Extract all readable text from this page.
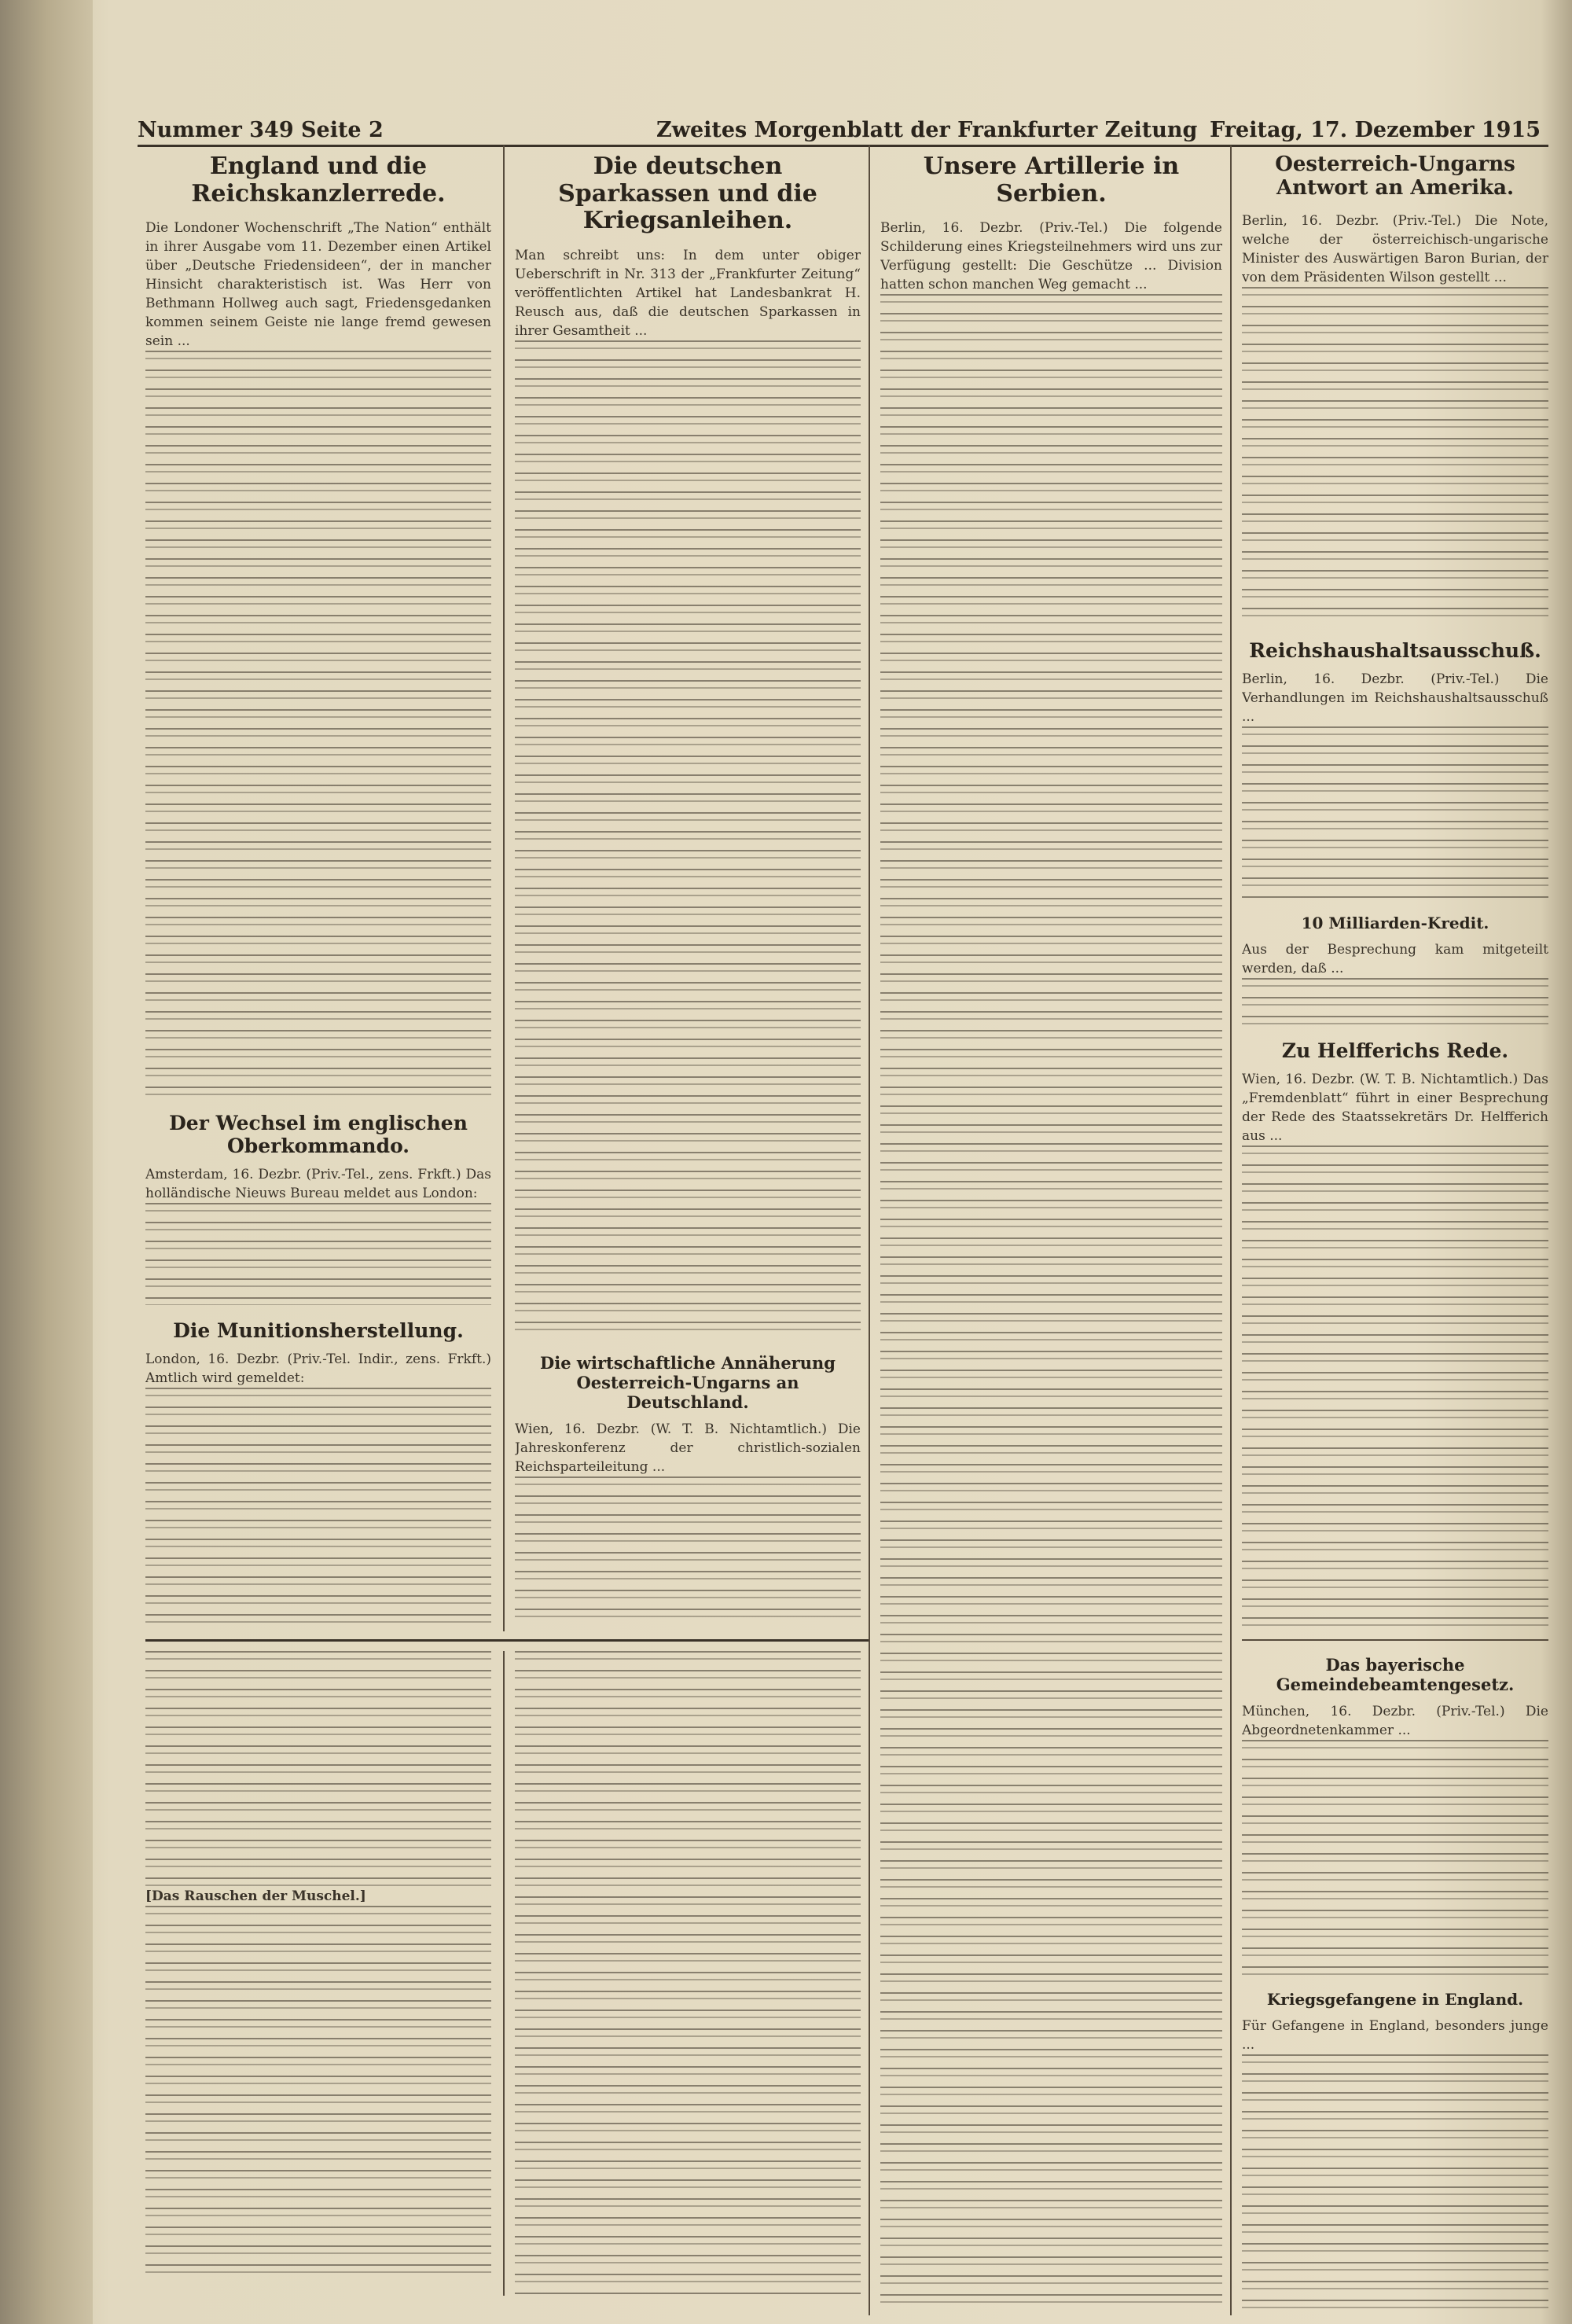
Nummer 349 Seite 2	Zweites Morgenblatt der Frankfurter Zeitung Freitag, 17. Dezember 1915
England und die Reichskanzlerrede.

Die Londoner Wochenschrift „The Nation“ enthält in ihrer Ausgabe vom 11. Dezember einen Artikel über „Deutsche Friedensideen“, der in mancher Hinsicht charakteristisch ist. Was Herr von Bethmann Hollweg auch sagt, Friedensgedanken kommen seinem Geiste nie lange fremd gewesen sein ...

Der Wechsel im englischen Oberkommando.

Amsterdam, 16. Dezbr. (Priv.-Tel., zens. Frkft.) Das holländische Nieuws Bureau meldet aus London:

Die Munitionsherstellung.

London, 16. Dezbr. (Priv.-Tel. Indir., zens. Frkft.) Amtlich wird gemeldet:

Die deutschen Sparkassen und die Kriegsanleihen.

Man schreibt uns: In dem unter obiger Ueberschrift in Nr. 313 der „Frankfurter Zeitung“ veröffentlichten Artikel hat Landesbankrat H. Reusch aus, daß die deutschen Sparkassen in ihrer Gesamtheit ...

Die wirtschaftliche Annäherung Oesterreich-Ungarns an Deutschland.

Wien, 16. Dezbr. (W. T. B. Nichtamtlich.) Die Jahreskonferenz der christlich-sozialen Reichsparteileitung ...

Unsere Artillerie in Serbien.

Berlin, 16. Dezbr. (Priv.-Tel.) Die folgende Schilderung eines Kriegsteilnehmers wird uns zur Verfügung gestellt: Die Geschütze ... Division hatten schon manchen Weg gemacht ...

Oesterreich-Ungarns Antwort an Amerika.

Berlin, 16. Dezbr. (Priv.-Tel.) Die Note, welche der österreichisch-ungarische Minister des Auswärtigen Baron Burian, der von dem Präsidenten Wilson gestellt ...

Reichshaushaltsausschuß.

Berlin, 16. Dezbr. (Priv.-Tel.) Die Verhandlungen im Reichshaushaltsausschuß ...

10 Milliarden-Kredit.

Aus der Besprechung kam mitgeteilt werden, daß ...

Zu Helfferichs Rede.

Wien, 16. Dezbr. (W. T. B. Nichtamtlich.) Das „Fremdenblatt“ führt in einer Besprechung der Rede des Staatssekretärs Dr. Helfferich aus ...

Das bayerische Gemeindebeamtengesetz.

München, 16. Dezbr. (Priv.-Tel.) Die Abgeordnetenkammer ...

Kriegsgefangene in England.

Für Gefangene in England, besonders junge ...

[Das Rauschen der Muschel.]
